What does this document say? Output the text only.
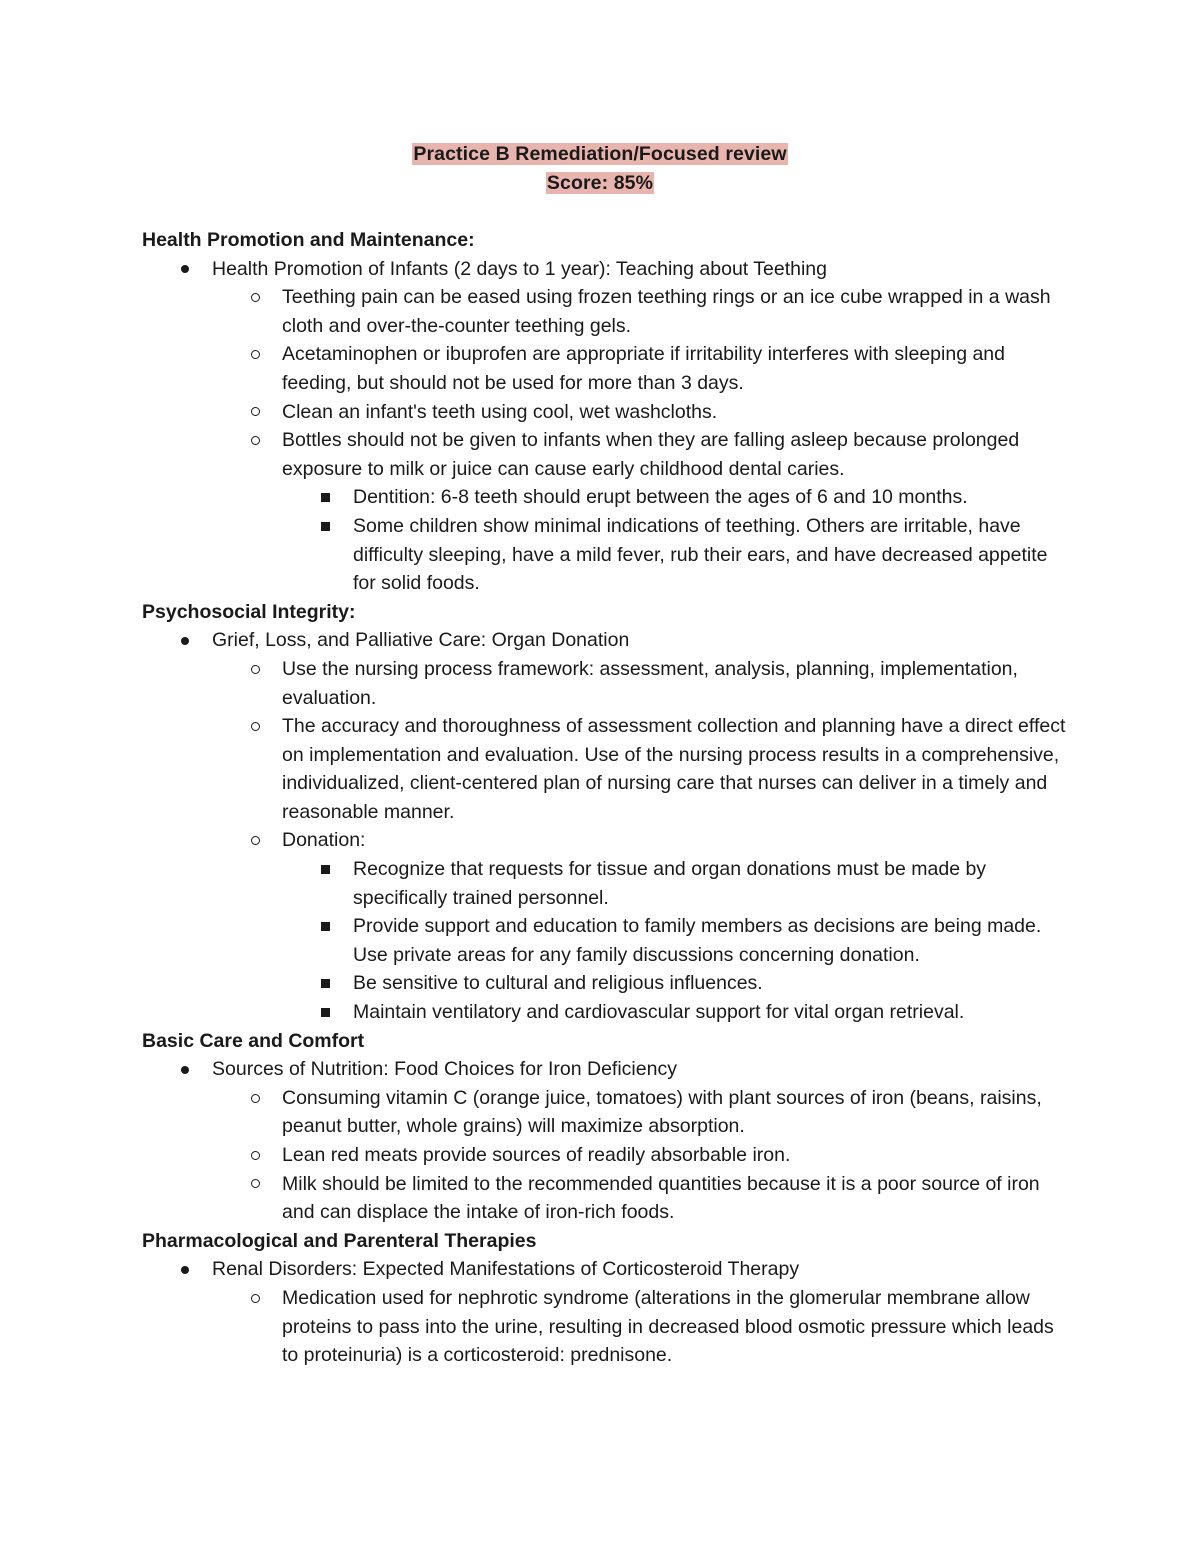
Practice B Remediation/Focused review
Score: 85%

Health Promotion and Maintenance:

Health Promotion of Infants (2 days to 1 year): Teaching about Teething
Teething pain can be eased using frozen teething rings or an ice cube wrapped in a wash cloth and over-the-counter teething gels.
Acetaminophen or ibuprofen are appropriate if irritability interferes with sleeping and feeding, but should not be used for more than 3 days.
Clean an infant's teeth using cool, wet washcloths.
Bottles should not be given to infants when they are falling asleep because prolonged exposure to milk or juice can cause early childhood dental caries.
Dentition: 6-8 teeth should erupt between the ages of 6 and 10 months.
Some children show minimal indications of teething. Others are irritable, have difficulty sleeping, have a mild fever, rub their ears, and have decreased appetite for solid foods.

Psychosocial Integrity:

Grief, Loss, and Palliative Care: Organ Donation
Use the nursing process framework: assessment, analysis, planning, implementation, evaluation.
The accuracy and thoroughness of assessment collection and planning have a direct effect on implementation and evaluation. Use of the nursing process results in a comprehensive, individualized, client-centered plan of nursing care that nurses can deliver in a timely and reasonable manner.
Donation:
Recognize that requests for tissue and organ donations must be made by specifically trained personnel.
Provide support and education to family members as decisions are being made. Use private areas for any family discussions concerning donation.
Be sensitive to cultural and religious influences.
Maintain ventilatory and cardiovascular support for vital organ retrieval.

Basic Care and Comfort

Sources of Nutrition: Food Choices for Iron Deficiency
Consuming vitamin C (orange juice, tomatoes) with plant sources of iron (beans, raisins, peanut butter, whole grains) will maximize absorption.
Lean red meats provide sources of readily absorbable iron.
Milk should be limited to the recommended quantities because it is a poor source of iron and can displace the intake of iron-rich foods.

Pharmacological and Parenteral Therapies

Renal Disorders: Expected Manifestations of Corticosteroid Therapy
Medication used for nephrotic syndrome (alterations in the glomerular membrane allow proteins to pass into the urine, resulting in decreased blood osmotic pressure which leads to proteinuria) is a corticosteroid: prednisone.
